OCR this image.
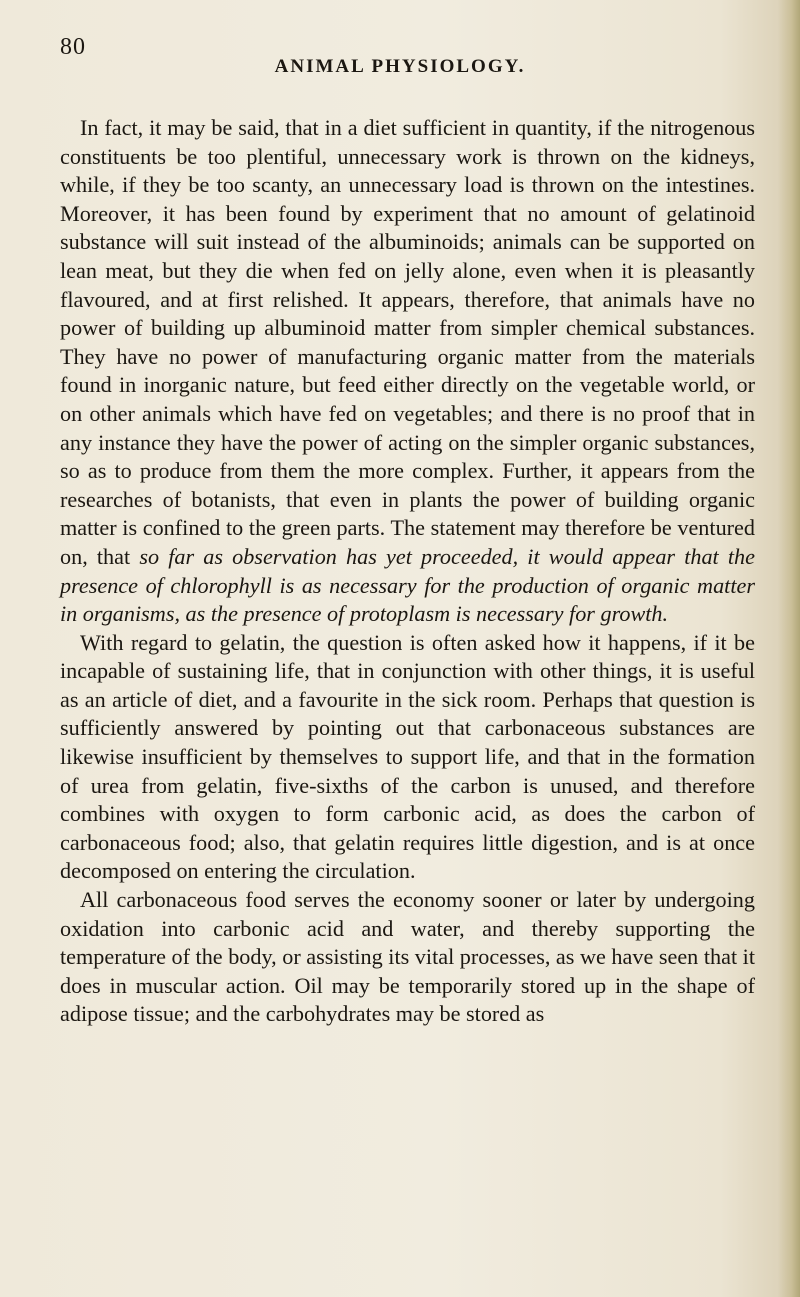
80
ANIMAL PHYSIOLOGY.

In fact, it may be said, that in a diet sufficient in quantity, if the nitrogenous constituents be too plentiful, unnecessary work is thrown on the kidneys, while, if they be too scanty, an unnecessary load is thrown on the intestines. Moreover, it has been found by experiment that no amount of gelatinoid substance will suit instead of the albuminoids; animals can be supported on lean meat, but they die when fed on jelly alone, even when it is pleasantly flavoured, and at first relished. It appears, therefore, that animals have no power of building up albuminoid matter from simpler chemical substances. They have no power of manufacturing organic matter from the materials found in inorganic nature, but feed either directly on the vegetable world, or on other animals which have fed on vegetables; and there is no proof that in any instance they have the power of acting on the simpler organic substances, so as to produce from them the more complex. Further, it appears from the researches of botanists, that even in plants the power of building organic matter is confined to the green parts. The statement may therefore be ventured on, that so far as observation has yet proceeded, it would appear that the presence of chlorophyll is as necessary for the production of organic matter in organisms, as the presence of protoplasm is necessary for growth.

With regard to gelatin, the question is often asked how it happens, if it be incapable of sustaining life, that in conjunction with other things, it is useful as an article of diet, and a favourite in the sick room. Perhaps that question is sufficiently answered by pointing out that carbonaceous substances are likewise insufficient by themselves to support life, and that in the formation of urea from gelatin, five-sixths of the carbon is unused, and therefore combines with oxygen to form carbonic acid, as does the carbon of carbonaceous food; also, that gelatin requires little digestion, and is at once decomposed on entering the circulation.

All carbonaceous food serves the economy sooner or later by undergoing oxidation into carbonic acid and water, and thereby supporting the temperature of the body, or assisting its vital processes, as we have seen that it does in muscular action. Oil may be temporarily stored up in the shape of adipose tissue; and the carbohydrates may be stored as
